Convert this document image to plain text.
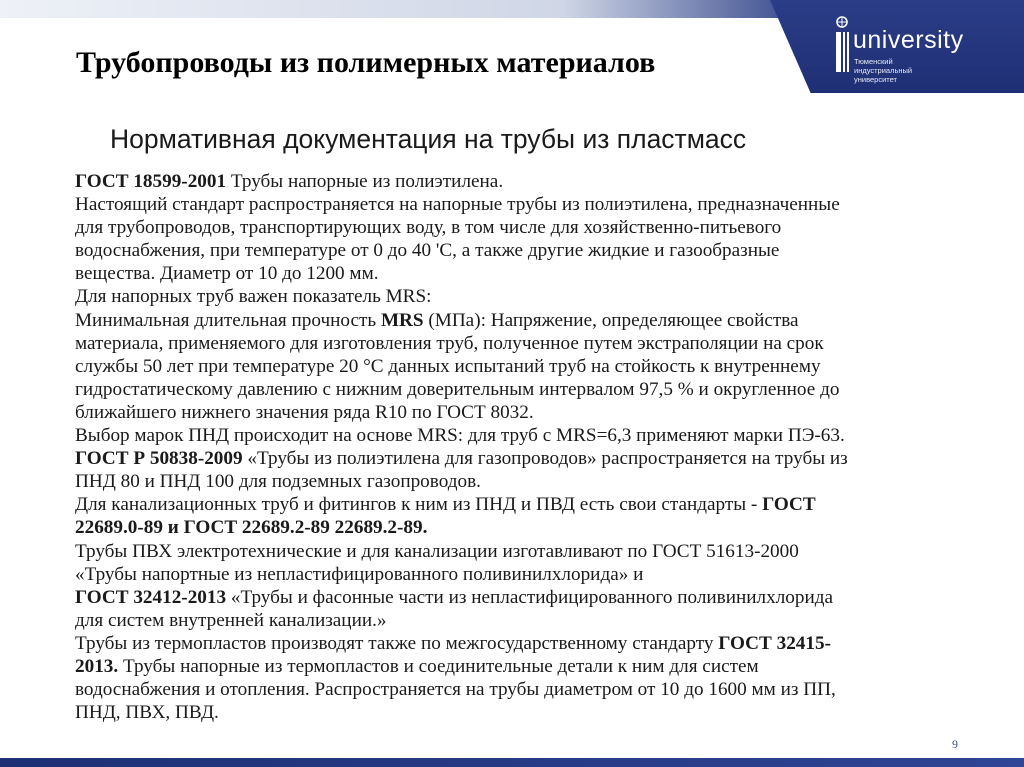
university
Тюменский
индустриальный
университет
Трубопроводы из полимерных материалов
Нормативная документация на трубы из пластмасс
ГОСТ 18599-2001 Трубы напорные из полиэтилена.
Настоящий стандарт распространяется на напорные трубы из полиэтилена, предназначенные
для трубопроводов, транспортирующих воду, в том числе для хозяйственно-питьевого
водоснабжения, при температуре от 0 до 40 'С, а также другие жидкие и газообразные
вещества. Диаметр от 10 до 1200 мм.
Для напорных труб важен показатель MRS:
Минимальная длительная прочность MRS (МПа): Напряжение, определяющее свойства
материала, применяемого для изготовления труб, полученное путем экстраполяции на срок
службы 50 лет при температуре 20 °С данных испытаний труб на стойкость к внутреннему
гидростатическому давлению с нижним доверительным интервалом 97,5 % и округленное до
ближайшего нижнего значения ряда R10 по ГОСТ 8032.
Выбор марок ПНД происходит на основе MRS: для труб с MRS=6,3 применяют марки ПЭ-63.
ГОСТ Р 50838-2009 «Трубы из полиэтилена для газопроводов» распространяется на трубы из
ПНД 80 и ПНД 100 для подземных газопроводов.
Для канализационных труб и фитингов к ним из ПНД и ПВД есть свои стандарты - ГОСТ
22689.0-89 и ГОСТ 22689.2-89 22689.2-89.
Трубы ПВХ электротехнические и для канализации изготавливают по ГОСТ 51613-2000
«Трубы напортные из непластифицированного поливинилхлорида» и
ГОСТ 32412-2013 «Трубы и фасонные части из непластифицированного поливинилхлорида
для систем внутренней канализации.»
Трубы из термопластов производят также по межгосударственному стандарту ГОСТ 32415-
2013. Трубы напорные из термопластов и соединительные детали к ним для систем
водоснабжения и отопления. Распространяется на трубы диаметром от 10 до 1600 мм из ПП,
ПНД, ПВХ, ПВД.
9
